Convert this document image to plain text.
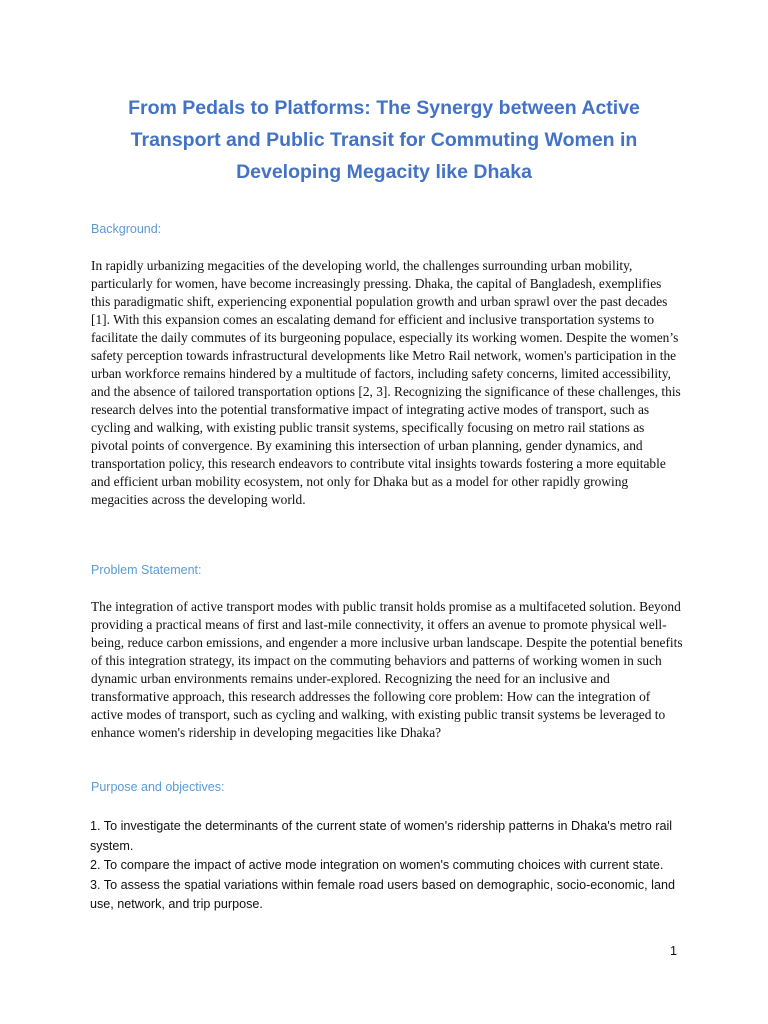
From Pedals to Platforms: The Synergy between Active Transport and Public Transit for Commuting Women in Developing Megacity like Dhaka
Background:

In rapidly urbanizing megacities of the developing world, the challenges surrounding urban mobility, particularly for women, have become increasingly pressing. Dhaka, the capital of Bangladesh, exemplifies this paradigmatic shift, experiencing exponential population growth and urban sprawl over the past decades [1]. With this expansion comes an escalating demand for efficient and inclusive transportation systems to facilitate the daily commutes of its burgeoning populace, especially its working women. Despite the women’s safety perception towards infrastructural developments like Metro Rail network, women's participation in the urban workforce remains hindered by a multitude of factors, including safety concerns, limited accessibility, and the absence of tailored transportation options [2, 3]. Recognizing the significance of these challenges, this research delves into the potential transformative impact of integrating active modes of transport, such as cycling and walking, with existing public transit systems, specifically focusing on metro rail stations as pivotal points of convergence. By examining this intersection of urban planning, gender dynamics, and transportation policy, this research endeavors to contribute vital insights towards fostering a more equitable and efficient urban mobility ecosystem, not only for Dhaka but as a model for other rapidly growing megacities across the developing world.

Problem Statement:

The integration of active transport modes with public transit holds promise as a multifaceted solution. Beyond providing a practical means of first and last-mile connectivity, it offers an avenue to promote physical well-being, reduce carbon emissions, and engender a more inclusive urban landscape. Despite the potential benefits of this integration strategy, its impact on the commuting behaviors and patterns of working women in such dynamic urban environments remains under-explored. Recognizing the need for an inclusive and transformative approach, this research addresses the following core problem: How can the integration of active modes of transport, such as cycling and walking, with existing public transit systems be leveraged to enhance women's ridership in developing megacities like Dhaka?

Purpose and objectives:
1. To investigate the determinants of the current state of women's ridership patterns in Dhaka's metro rail system.
2. To compare the impact of active mode integration on women's commuting choices with current state.
3. To assess the spatial variations within female road users based on demographic, socio-economic, land use, network, and trip purpose.

1
